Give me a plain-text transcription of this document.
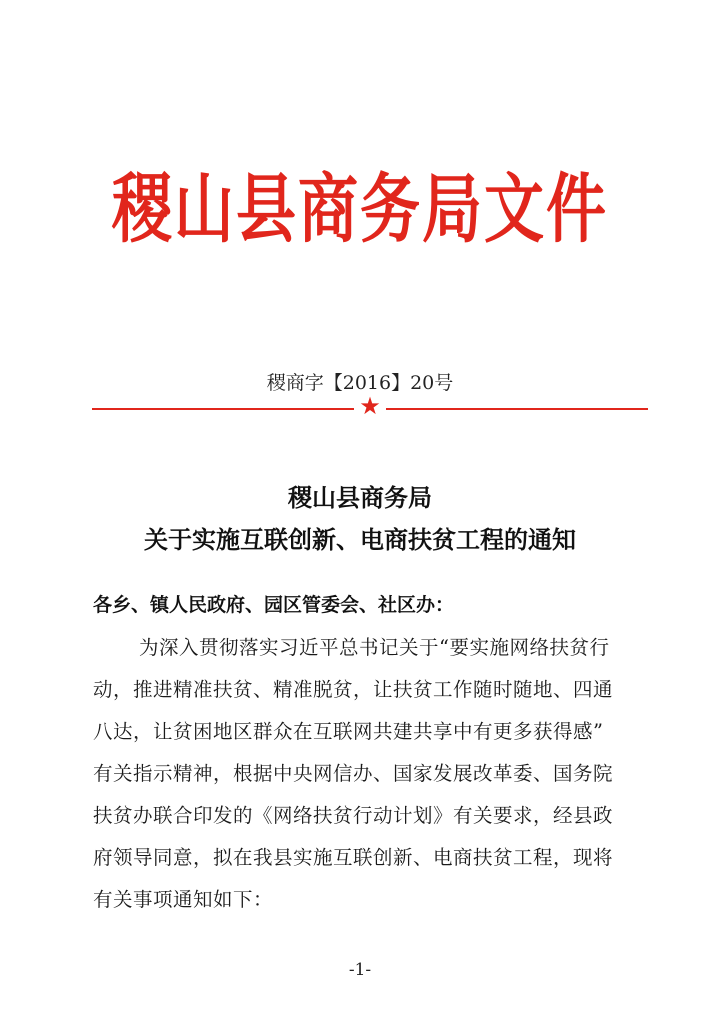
稷山县商务局文件
稷商字【2016】20号
★
稷山县商务局
关于实施互联创新、电商扶贫工程的通知
各乡、镇人民政府、园区管委会、社区办：
为深入贯彻落实习近平总书记关于“要实施网络扶贫行
动，推进精准扶贫、精准脱贫，让扶贫工作随时随地、四通
八达，让贫困地区群众在互联网共建共享中有更多获得感”
有关指示精神，根据中央网信办、国家发展改革委、国务院
扶贫办联合印发的《网络扶贫行动计划》有关要求，经县政
府领导同意，拟在我县实施互联创新、电商扶贫工程，现将
有关事项通知如下：
-1-
